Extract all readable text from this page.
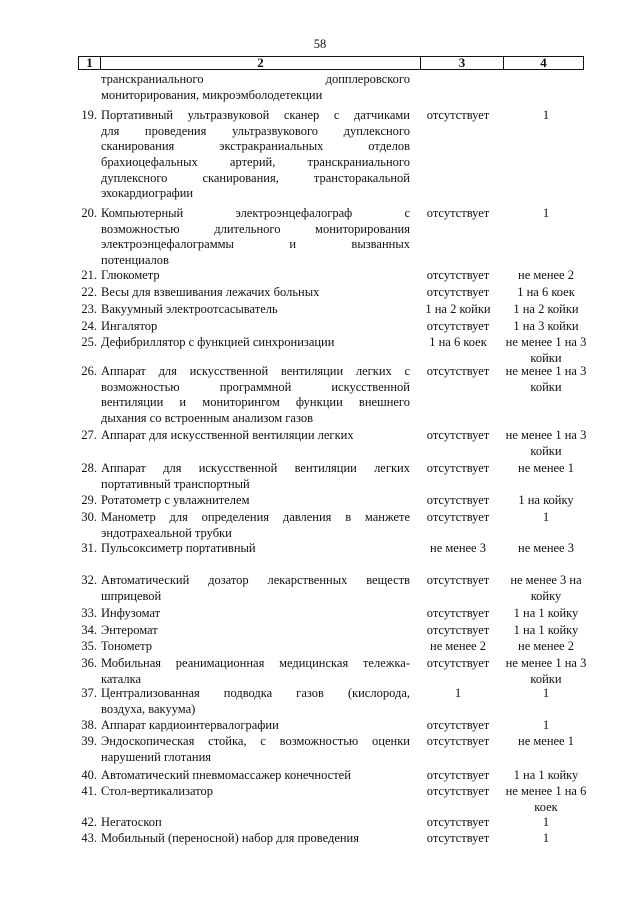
58
1	2	3	4
транскраниального допплеровского
мониторирования, микроэмболодетекции
19. Портативный ультразвуковой сканер с датчиками
для проведения ультразвукового дуплексного
сканирования экстракраниальных отделов
брахиоцефальных артерий, транскраниального
дуплексного сканирования, трансторакальной
эхокардиографии
отсутствует	1
20. Компьютерный электроэнцефалограф с
возможностью длительного мониторирования
электроэнцефалограммы и вызванных
потенциалов
отсутствует	1
21. Глюкометр	отсутствует	не менее 2
22. Весы для взвешивания лежачих больных	отсутствует	1 на 6 коек
23. Вакуумный электроотсасыватель	1 на 2 койки	1 на 2 койки
24. Ингалятор	отсутствует	1 на 3 койки
25. Дефибриллятор с функцией синхронизации	1 на 6 коек	не менее 1 на 3 койки
26. Аппарат для искусственной вентиляции легких с
возможностью программной искусственной
вентиляции и мониторингом функции внешнего
дыхания со встроенным анализом газов
отсутствует	не менее 1 на 3 койки
27. Аппарат для искусственной вентиляции легких	отсутствует	не менее 1 на 3 койки
28. Аппарат для искусственной вентиляции легких
портативный транспортный
отсутствует	не менее 1
29. Ротатометр с увлажнителем	отсутствует	1 на койку
30. Манометр для определения давления в манжете
эндотрахеальной трубки
отсутствует	1
31. Пульсоксиметр портативный	не менее 3	не менее 3
32. Автоматический дозатор лекарственных веществ
шприцевой
отсутствует	не менее 3 на койку
33. Инфузомат	отсутствует	1 на 1 койку
34. Энтеромат	отсутствует	1 на 1 койку
35. Тонометр	не менее 2	не менее 2
36. Мобильная реанимационная медицинская тележка-
каталка
отсутствует	не менее 1 на 3 койки
37. Централизованная подводка газов (кислорода,
воздуха, вакуума)
1	1
38. Аппарат кардиоинтервалографии	отсутствует	1
39. Эндоскопическая стойка, с возможностью оценки
нарушений глотания
отсутствует	не менее 1
40. Автоматический пневмомассажер конечностей	отсутствует	1 на 1 койку
41. Стол-вертикализатор	отсутствует	не менее 1 на 6 коек
42. Негатоскоп	отсутствует	1
43. Мобильный (переносной) набор для проведения	отсутствует	1
